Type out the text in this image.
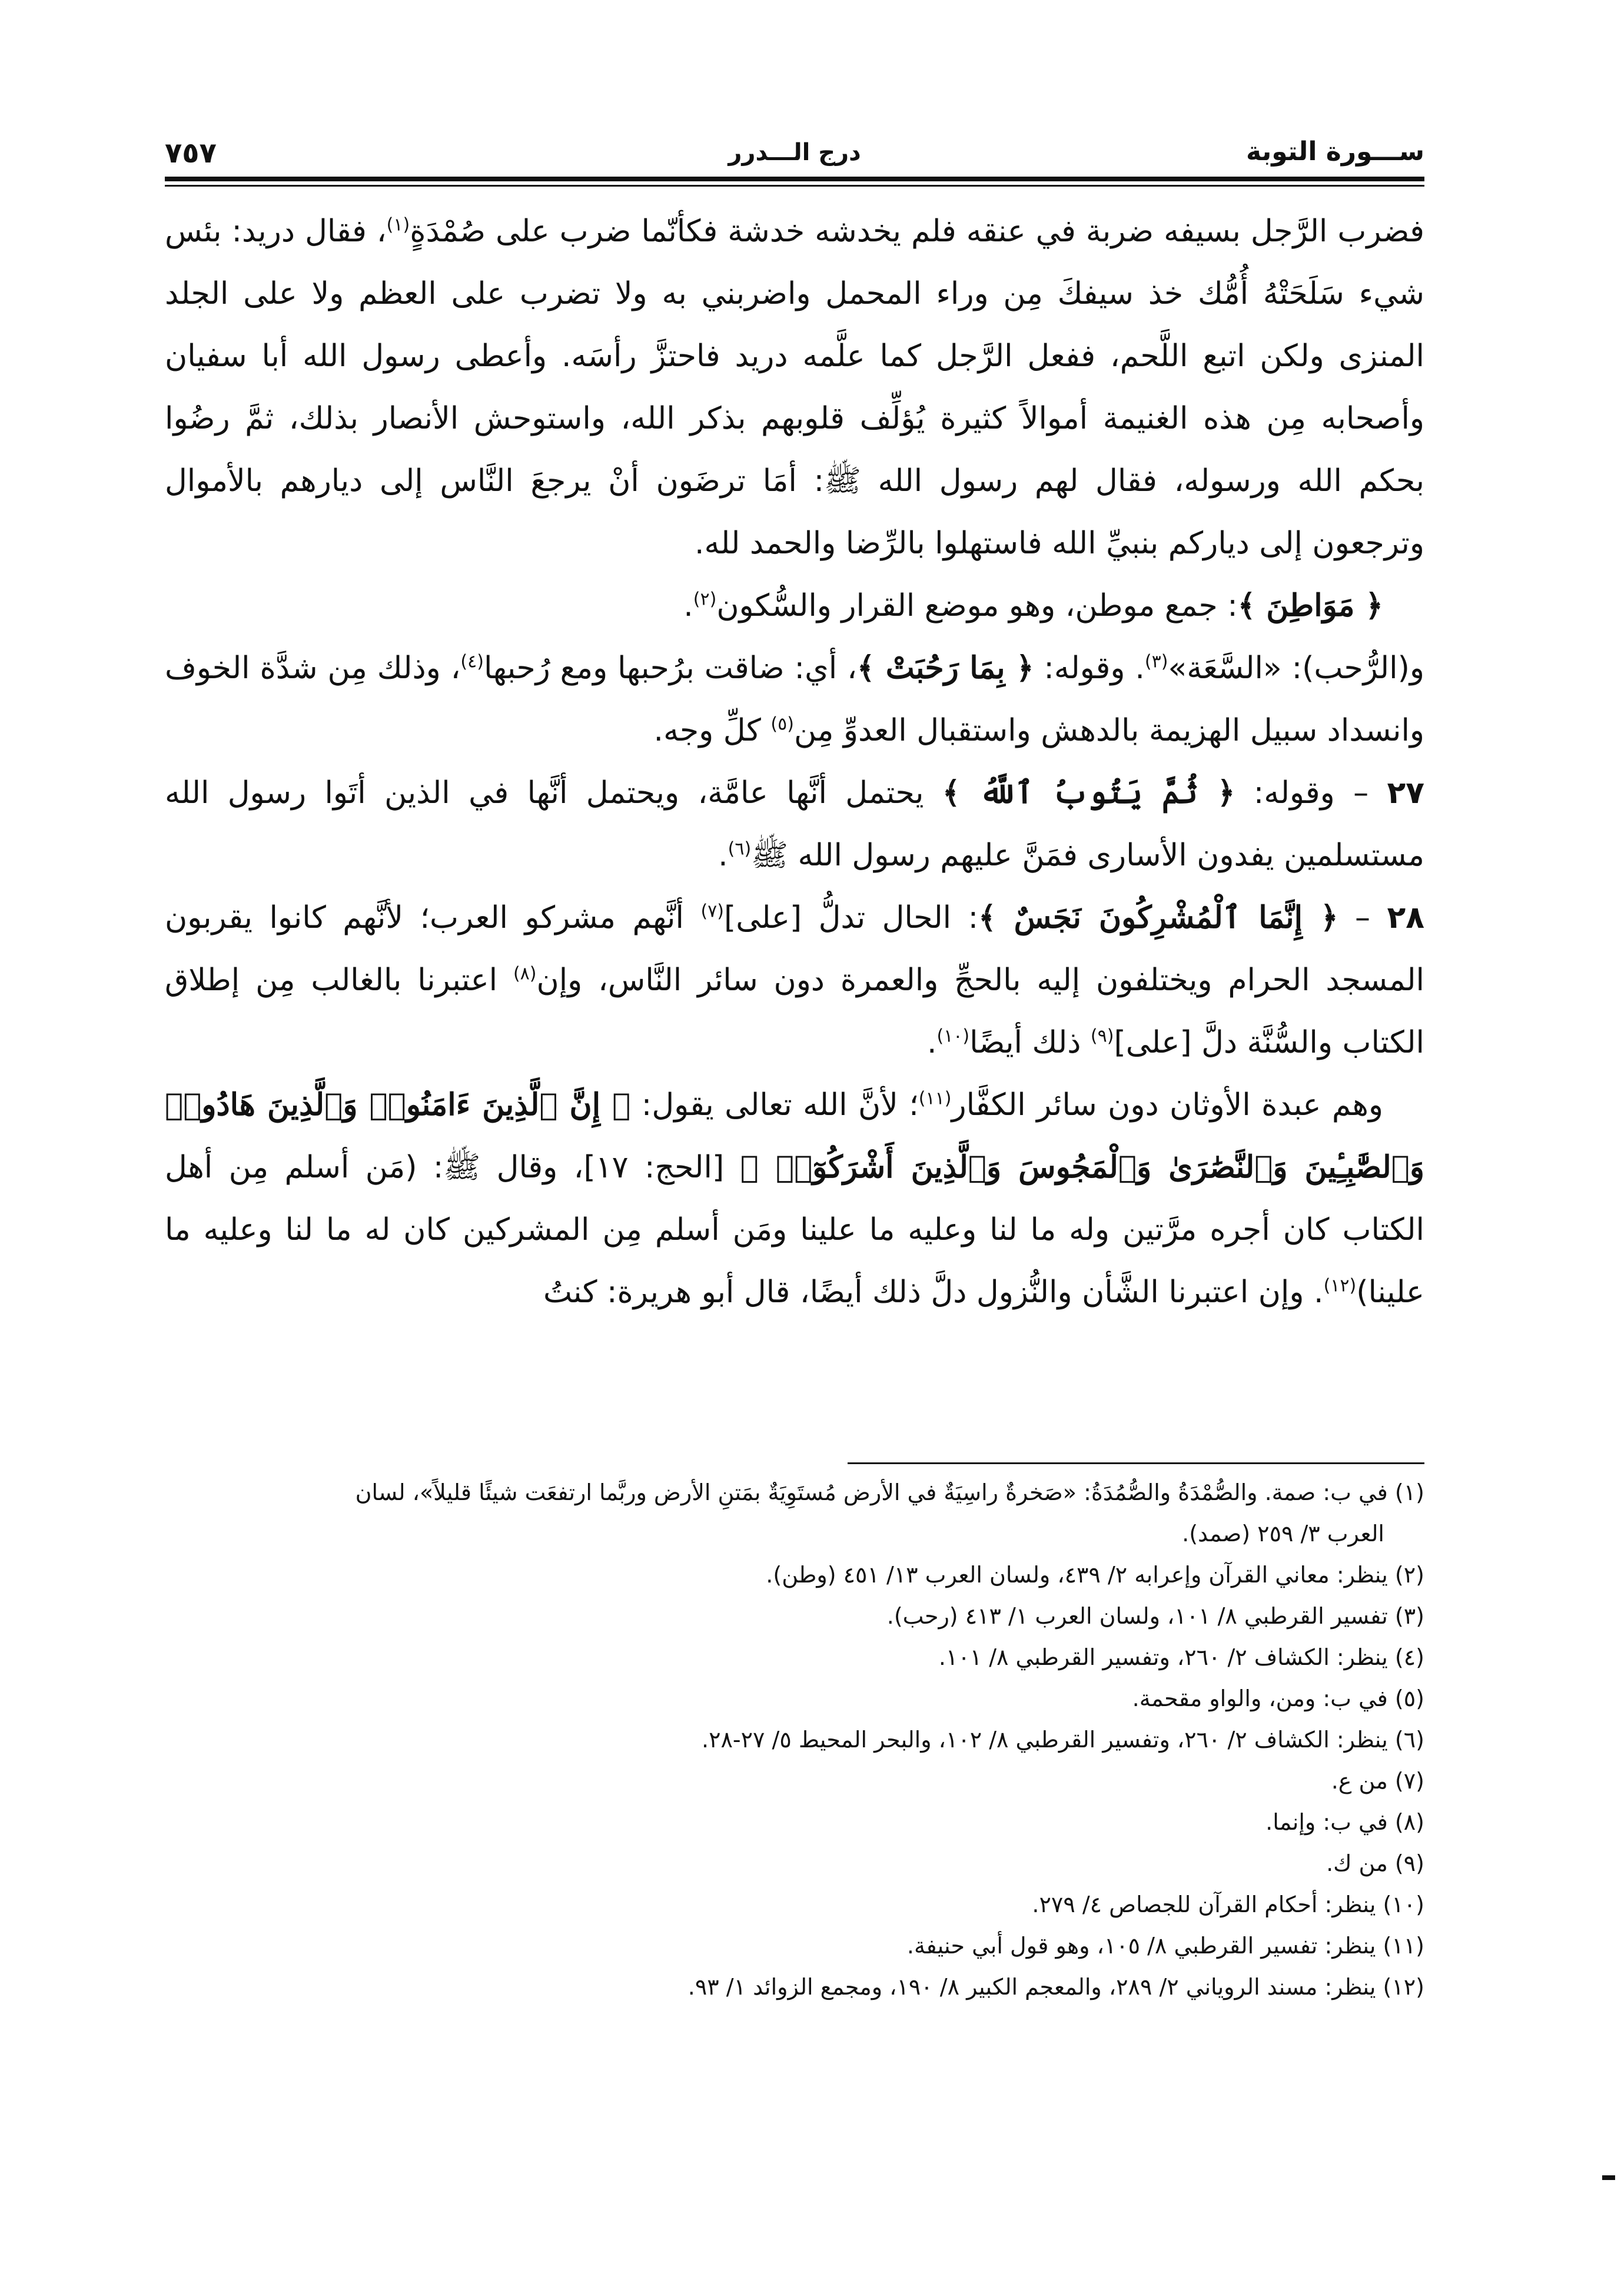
ســـورة التوبة
درج الـــدرر
٧٥٧

فضرب الرَّجل بسيفه ضربة في عنقه فلم يخدشه خدشة فكأنّما ضرب على صُمْدَةٍ$^{(١)}$، فقال دريد: بئس شيء سَلَحَتْهُ أُمُّك خذ سيفكَ مِن وراء المحمل واضربني به ولا تضرب على العظم ولا على الجلد المنزى ولكن اتبع اللَّحم، ففعل الرَّجل كما علَّمه دريد فاحتزَّ رأسَه. وأعطى رسول الله أبا سفيان وأصحابه مِن هذه الغنيمة أموالاً كثيرة يُؤلِّف قلوبهم بذكر الله، واستوحش الأنصار بذلك، ثمَّ رضُوا بحكم الله ورسوله، فقال لهم رسول الله ﷺ: أمَا ترضَون أنْ يرجعَ النَّاس إلى ديارهم بالأموال وترجعون إلى دياركم بنبيِّ الله فاستهلوا بالرِّضا والحمد لله.

﴿ مَوَاطِنَ ﴾: جمع موطن، وهو موضع القرار والسُّكون$^{(٢)}$.

و(الرُّحب): «السَّعَة»$^{(٣)}$. وقوله: ﴿ بِمَا رَحُبَتْ ﴾، أي: ضاقت برُحبها ومع رُحبها$^{(٤)}$، وذلك مِن شدَّة الخوف وانسداد سبيل الهزيمة بالدهش واستقبال العدوِّ مِن$^{(٥)}$ كلِّ وجه.

٢٧ – وقوله: ﴿ ثُمَّ يَتُوبُ ٱللَّهُ ﴾ يحتمل أنَّها عامَّة، ويحتمل أنَّها في الذين أتَوا رسول الله مستسلمين يفدون الأسارى فمَنَّ عليهم رسول الله ﷺ$^{(٦)}$.

٢٨ – ﴿ إِنَّمَا ٱلْمُشْرِكُونَ نَجَسٌ ﴾: الحال تدلُّ [على]$^{(٧)}$ أنَّهم مشركو العرب؛ لأنَّهم كانوا يقربون المسجد الحرام ويختلفون إليه بالحجِّ والعمرة دون سائر النَّاس، وإن$^{(٨)}$ اعتبرنا بالغالب مِن إطلاق الكتاب والسُّنَّة دلَّ [على]$^{(٩)}$ ذلك أيضًا$^{(١٠)}$.

وهم عبدة الأوثان دون سائر الكفَّار$^{(١١)}$؛ لأنَّ الله تعالى يقول: ﴿ إِنَّ ٱلَّذِينَ ءَامَنُوا۟ وَٱلَّذِينَ هَادُوا۟ وَٱلصَّٰبِـِٔينَ وَٱلنَّصَٰرَىٰ وَٱلْمَجُوسَ وَٱلَّذِينَ أَشْرَكُوٓا۟ ﴾ [الحج: ١٧]، وقال ﷺ: (مَن أسلم مِن أهل الكتاب كان أجره مرَّتين وله ما لنا وعليه ما علينا ومَن أسلم مِن المشركين كان له ما لنا وعليه ما علينا)$^{(١٢)}$. وإن اعتبرنا الشَّأن والنُّزول دلَّ ذلك أيضًا، قال أبو هريرة: كنتُ

(١) في ب: صمة. والصُّمْدَةُ والصُّمُدَةُ: «صَخرةٌ راسِيَةٌ في الأرض مُستَوِيَةٌ بمَتنِ الأرض وربَّما ارتفعَت شيئًا قليلاً»، لسان

العرب ٣/ ٢٥٩ (صمد).

(٢) ينظر: معاني القرآن وإعرابه ٢/ ٤٣٩، ولسان العرب ١٣/ ٤٥١ (وطن).

(٣) تفسير القرطبي ٨/ ١٠١، ولسان العرب ١/ ٤١٣ (رحب).

(٤) ينظر: الكشاف ٢/ ٢٦٠، وتفسير القرطبي ٨/ ١٠١.

(٥) في ب: ومن، والواو مقحمة.

(٦) ينظر: الكشاف ٢/ ٢٦٠، وتفسير القرطبي ٨/ ١٠٢، والبحر المحيط ٥/ ٢٧-٢٨.

(٧) من ع.

(٨) في ب: وإنما.

(٩) من ك.

(١٠) ينظر: أحكام القرآن للجصاص ٤/ ٢٧٩.

(١١) ينظر: تفسير القرطبي ٨/ ١٠٥، وهو قول أبي حنيفة.

(١٢) ينظر: مسند الروياني ٢/ ٢٨٩، والمعجم الكبير ٨/ ١٩٠، ومجمع الزوائد ١/ ٩٣.
